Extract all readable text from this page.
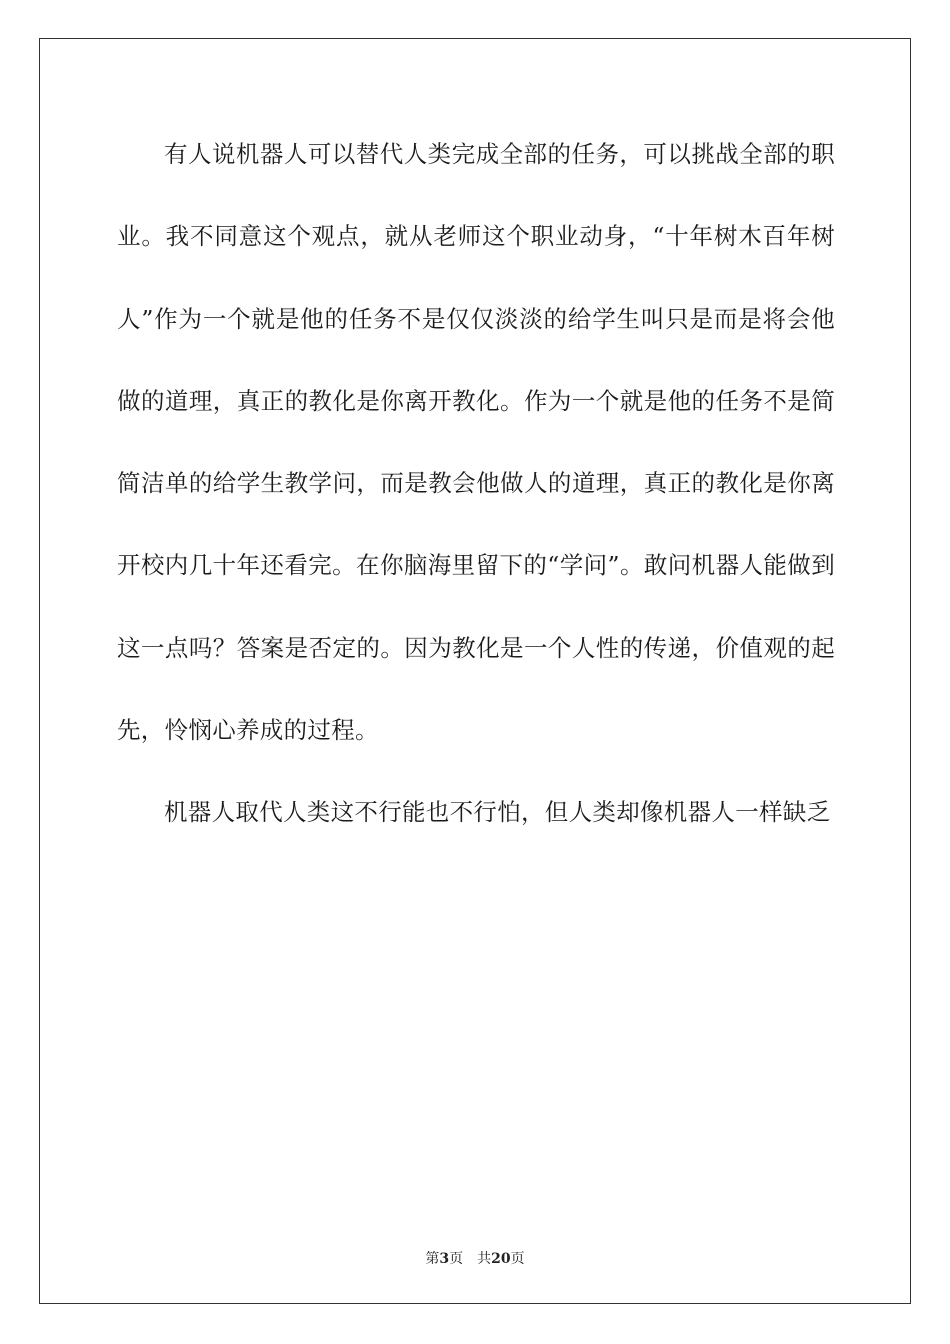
有人说机器人可以替代人类完成全部的任务，可以挑战全部的职业。我不同意这个观点，就从老师这个职业动身，“十年树木百年树人”作为一个就是他的任务不是仅仅淡淡的给学生叫只是而是将会他做的道理，真正的教化是你离开教化。作为一个就是他的任务不是简简洁单的给学生教学问，而是教会他做人的道理，真正的教化是你离开校内几十年还看完。在你脑海里留下的“学问”。敢问机器人能做到这一点吗？答案是否定的。因为教化是一个人性的传递，价值观的起先，怜悯心养成的过程。

机器人取代人类这不行能也不行怕，但人类却像机器人一样缺乏

第3页 共20页
